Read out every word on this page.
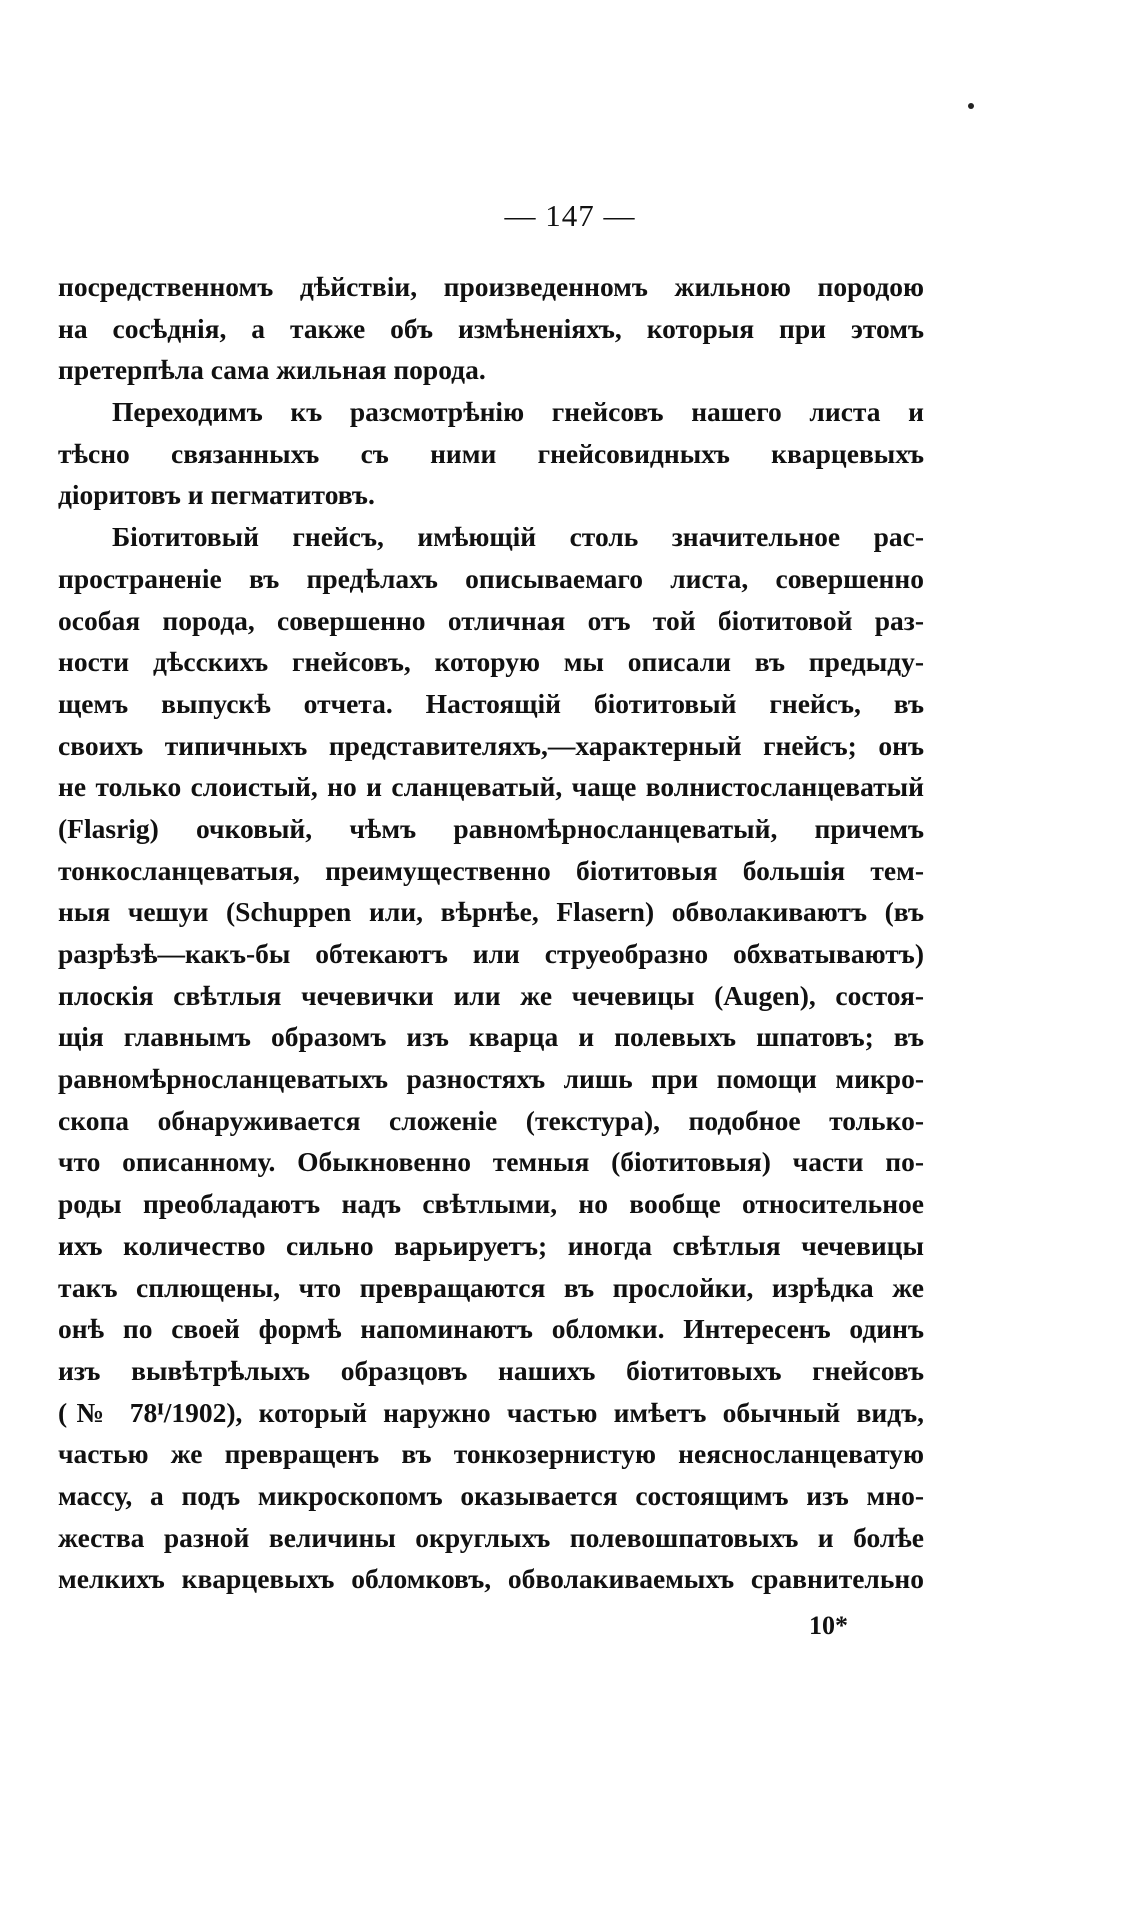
— 147 —
посредственномъ дѣйствіи, произведенномъ жильною породою
на сосѣднія, а также объ измѣненіяхъ, которыя при этомъ
претерпѣла сама жильная порода.
Переходимъ къ разсмотрѣнію гнейсовъ нашего листа и
тѣсно связанныхъ съ ними гнейсовидныхъ кварцевыхъ
діоритовъ и пегматитовъ.
Біотитовый гнейсъ, имѣющій столь значительное рас-
пространеніе въ предѣлахъ описываемаго листа, совершенно
особая порода, совершенно отличная отъ той біотитовой раз-
ности дѣсскихъ гнейсовъ, которую мы описали въ предыду-
щемъ выпускѣ отчета. Настоящій біотитовый гнейсъ, въ
своихъ типичныхъ представителяхъ,—характерный гнейсъ; онъ
не только слоистый, но и сланцеватый, чаще волнистосланцеватый
(Flasrig) очковый, чѣмъ равномѣрносланцеватый, причемъ
тонкосланцеватыя, преимущественно біотитовыя большія тем-
ныя чешуи (Schuppen или, вѣрнѣе, Flasern) обволакиваютъ (въ
разрѣзѣ—какъ-бы обтекаютъ или струеобразно обхватываютъ)
плоскія свѣтлыя чечевички или же чечевицы (Augen), состоя-
щія главнымъ образомъ изъ кварца и полевыхъ шпатовъ; въ
равномѣрносланцеватыхъ разностяхъ лишь при помощи микро-
скопа обнаруживается сложеніе (текстура), подобное только-
что описанному. Обыкновенно темныя (біотитовыя) части по-
роды преобладаютъ надъ свѣтлыми, но вообще относительное
ихъ количество сильно варьируетъ; иногда свѣтлыя чечевицы
такъ сплющены, что превращаются въ прослойки, изрѣдка же
онѣ по своей формѣ напоминаютъ обломки. Интересенъ одинъ
изъ вывѣтрѣлыхъ образцовъ нашихъ біотитовыхъ гнейсовъ
(№ 78ᴵ/1902), который наружно частью имѣетъ обычный видъ,
частью же превращенъ въ тонкозернистую неяснoсланцеватую
массу, а подъ микроскопомъ оказывается состоящимъ изъ мно-
жества разной величины округлыхъ полевошпатовыхъ и болѣе
мелкихъ кварцевыхъ обломковъ, обволакиваемыхъ сравнительно
10*
